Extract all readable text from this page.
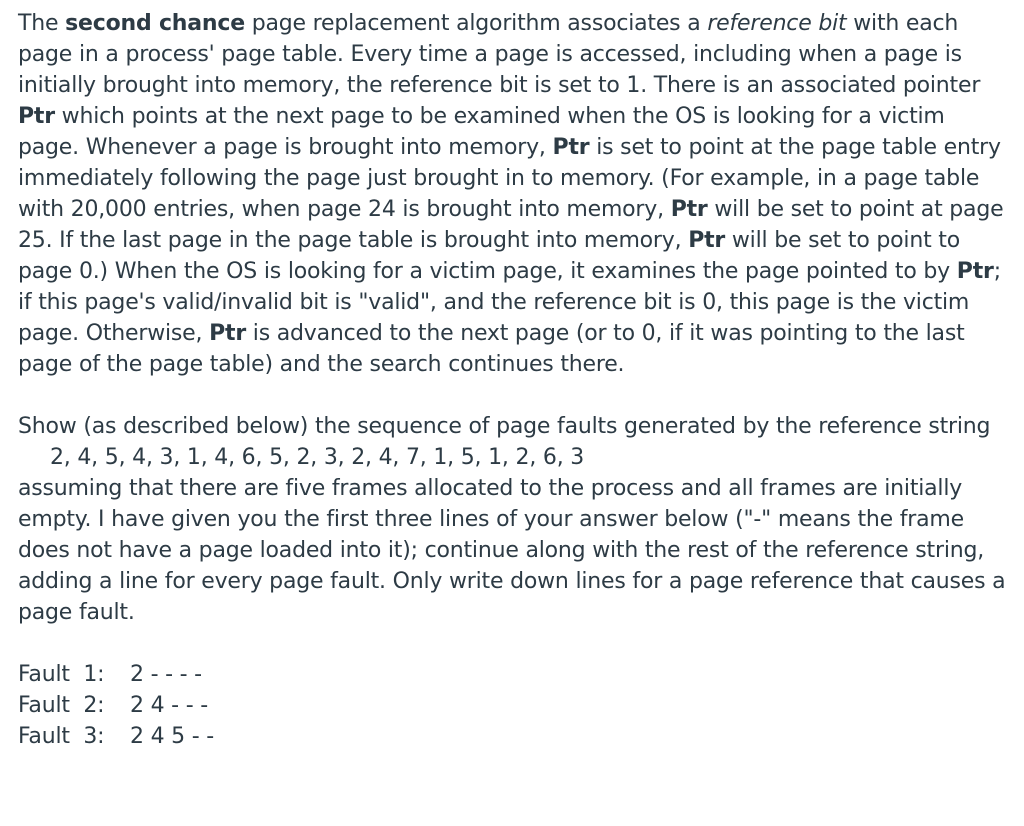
The second chance page replacement algorithm associates a reference bit with each page in a process' page table. Every time a page is accessed, including when a page is initially brought into memory, the reference bit is set to 1. There is an associated pointer Ptr which points at the next page to be examined when the OS is looking for a victim page. Whenever a page is brought into memory, Ptr is set to point at the page table entry immediately following the page just brought in to memory. (For example, in a page table with 20,000 entries, when page 24 is brought into memory, Ptr will be set to point at page 25. If the last page in the page table is brought into memory, Ptr will be set to point to page 0.) When the OS is looking for a victim page, it examines the page pointed to by Ptr; if this page's valid/invalid bit is "valid", and the reference bit is 0, this page is the victim page. Otherwise, Ptr is advanced to the next page (or to 0, if it was pointing to the last page of the page table) and the search continues there.

Show (as described below) the sequence of page faults generated by the reference string

2, 4, 5, 4, 3, 1, 4, 6, 5, 2, 3, 2, 4, 7, 1, 5, 1, 2, 6, 3

assuming that there are five frames allocated to the process and all frames are initially empty. I have given you the first three lines of your answer below ("-" means the frame does not have a page loaded into it); continue along with the rest of the reference string, adding a line for every page fault. Only write down lines for a page reference that causes a page fault.

Fault  1:	2 - - - -
Fault  2:	2 4 - - -
Fault  3:	2 4 5 - -
